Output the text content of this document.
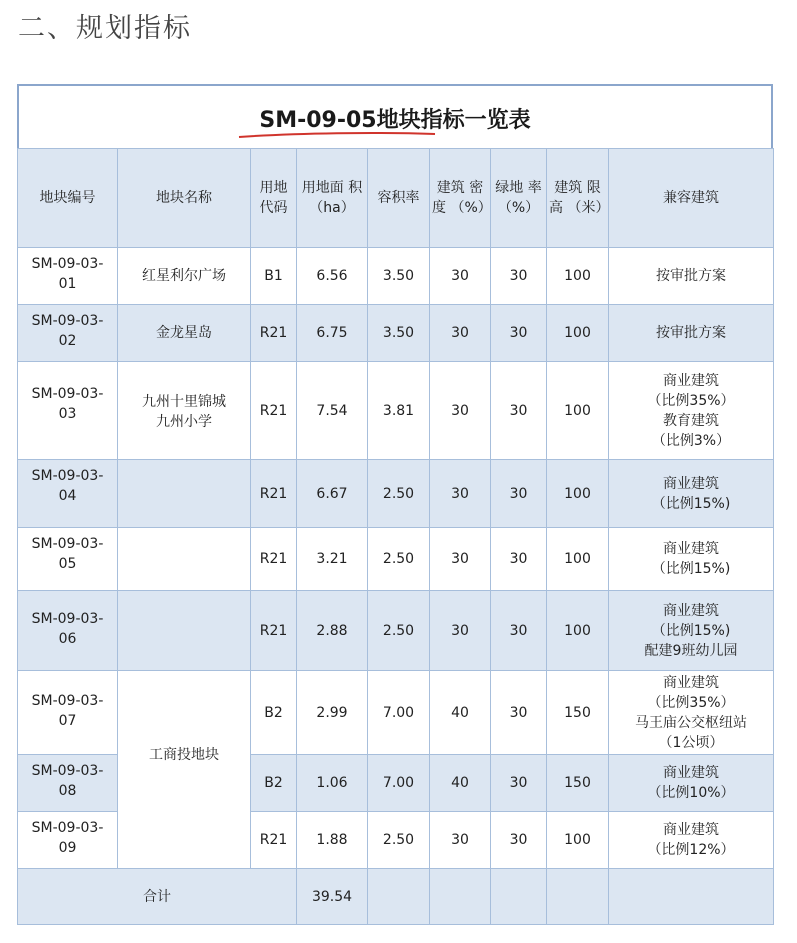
二、规划指标
SM-09-05地块指标一览表
地块编号	地块名称	用地 代码	用地面 积（ha）	容积率	建筑 密度 （%）	绿地 率 （%）	建筑 限高 （米）	兼容建筑
SM-09-03-
01	红星利尔广场	B1	6.56	3.50	30	30	100	按审批方案
SM-09-03-
02	金龙星岛	R21	6.75	3.50	30	30	100	按审批方案
SM-09-03-
03	九州十里锦城
九州小学	R21	7.54	3.81	30	30	100	商业建筑
（比例35%）
教育建筑
（比例3%）
SM-09-03-
04		R21	6.67	2.50	30	30	100	商业建筑
（比例15%)
SM-09-03-
05		R21	3.21	2.50	30	30	100	商业建筑
（比例15%)
SM-09-03-
06		R21	2.88	2.50	30	30	100	商业建筑
（比例15%)
配建9班幼儿园
SM-09-03-
07	工商投地块	B2	2.99	7.00	40	30	150	商业建筑
（比例35%）
马王庙公交枢纽站
（1公顷）
SM-09-03-
08		B2	1.06	7.00	40	30	150	商业建筑
（比例10%）
SM-09-03-
09		R21	1.88	2.50	30	30	100	商业建筑
（比例12%）
合计			39.54					
